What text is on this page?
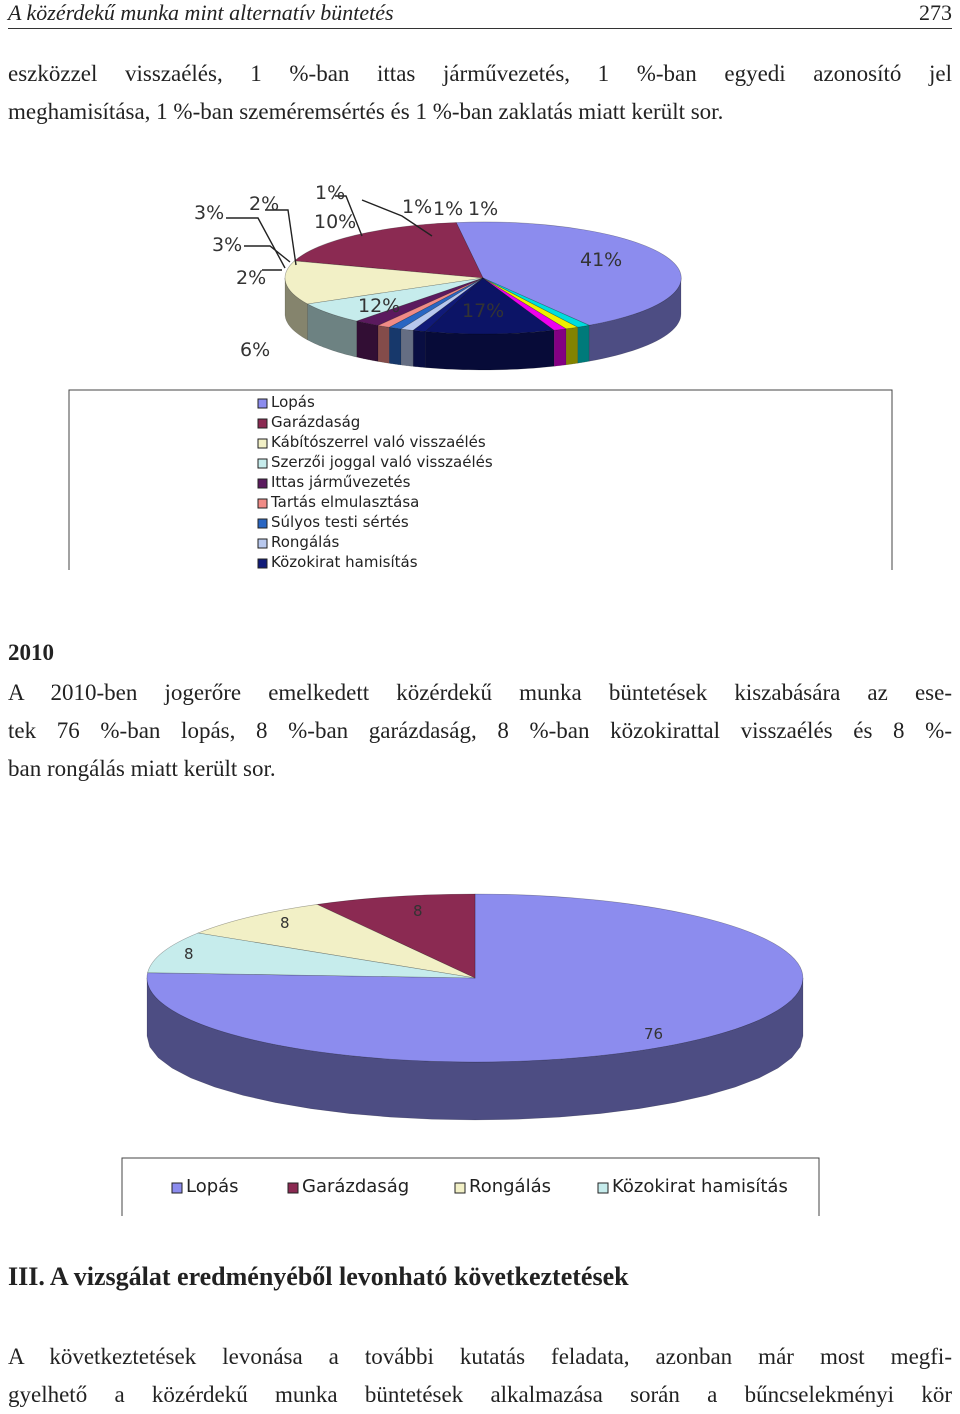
A közérdekű munka mint alternatív büntetés	273
eszközzel visszaélés, 1 %-ban ittas járművezetés, 1 %-ban egyedi azonosító jel
meghamisítása, 1 %-ban szeméremsértés és 1 %-ban zaklatás miatt került sor.
2010
A 2010-ben jogerőre emelkedett közérdekű munka büntetések kiszabására az ese-
tek 76 %-ban lopás, 8 %-ban garázdaság, 8 %-ban közokirattal visszaélés és 8 %-
ban rongálás miatt került sor.
III. A vizsgálat eredményéből levonható következtetések
A következtetések levonása a további kutatás feladata, azonban már most megfi-
gyelhető a közérdekű munka büntetések alkalmazása során a bűncselekményi kör
41%
17%
12%
6%
2%
3%
3% 2% 1%
10%
1% 1% 1%
Lopás
Garázdaság
Kábítószerrel való visszaélés
Szerzői joggal való visszaélés
Ittas járművezetés
Tartás elmulasztása
Súlyos testi sértés
Rongálás
Közokirat hamisítás
76
8
8
8
Lopás	Garázdaság	Rongálás	Közokirat hamisítás
